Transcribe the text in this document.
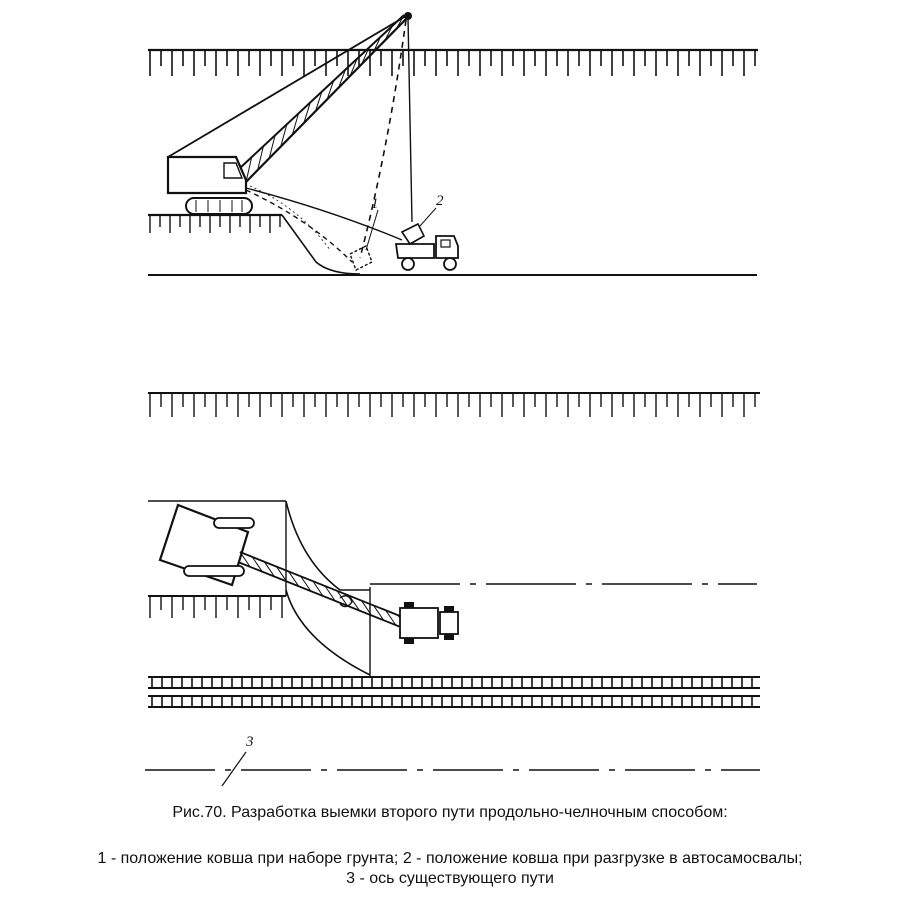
1	2
3
Рис.70. Разработка выемки второго пути продольно-челночным способом:
1 - положение ковша при наборе грунта; 2 - положение ковша при разгрузке в автосамосвалы;
3 - ось существующего пути
